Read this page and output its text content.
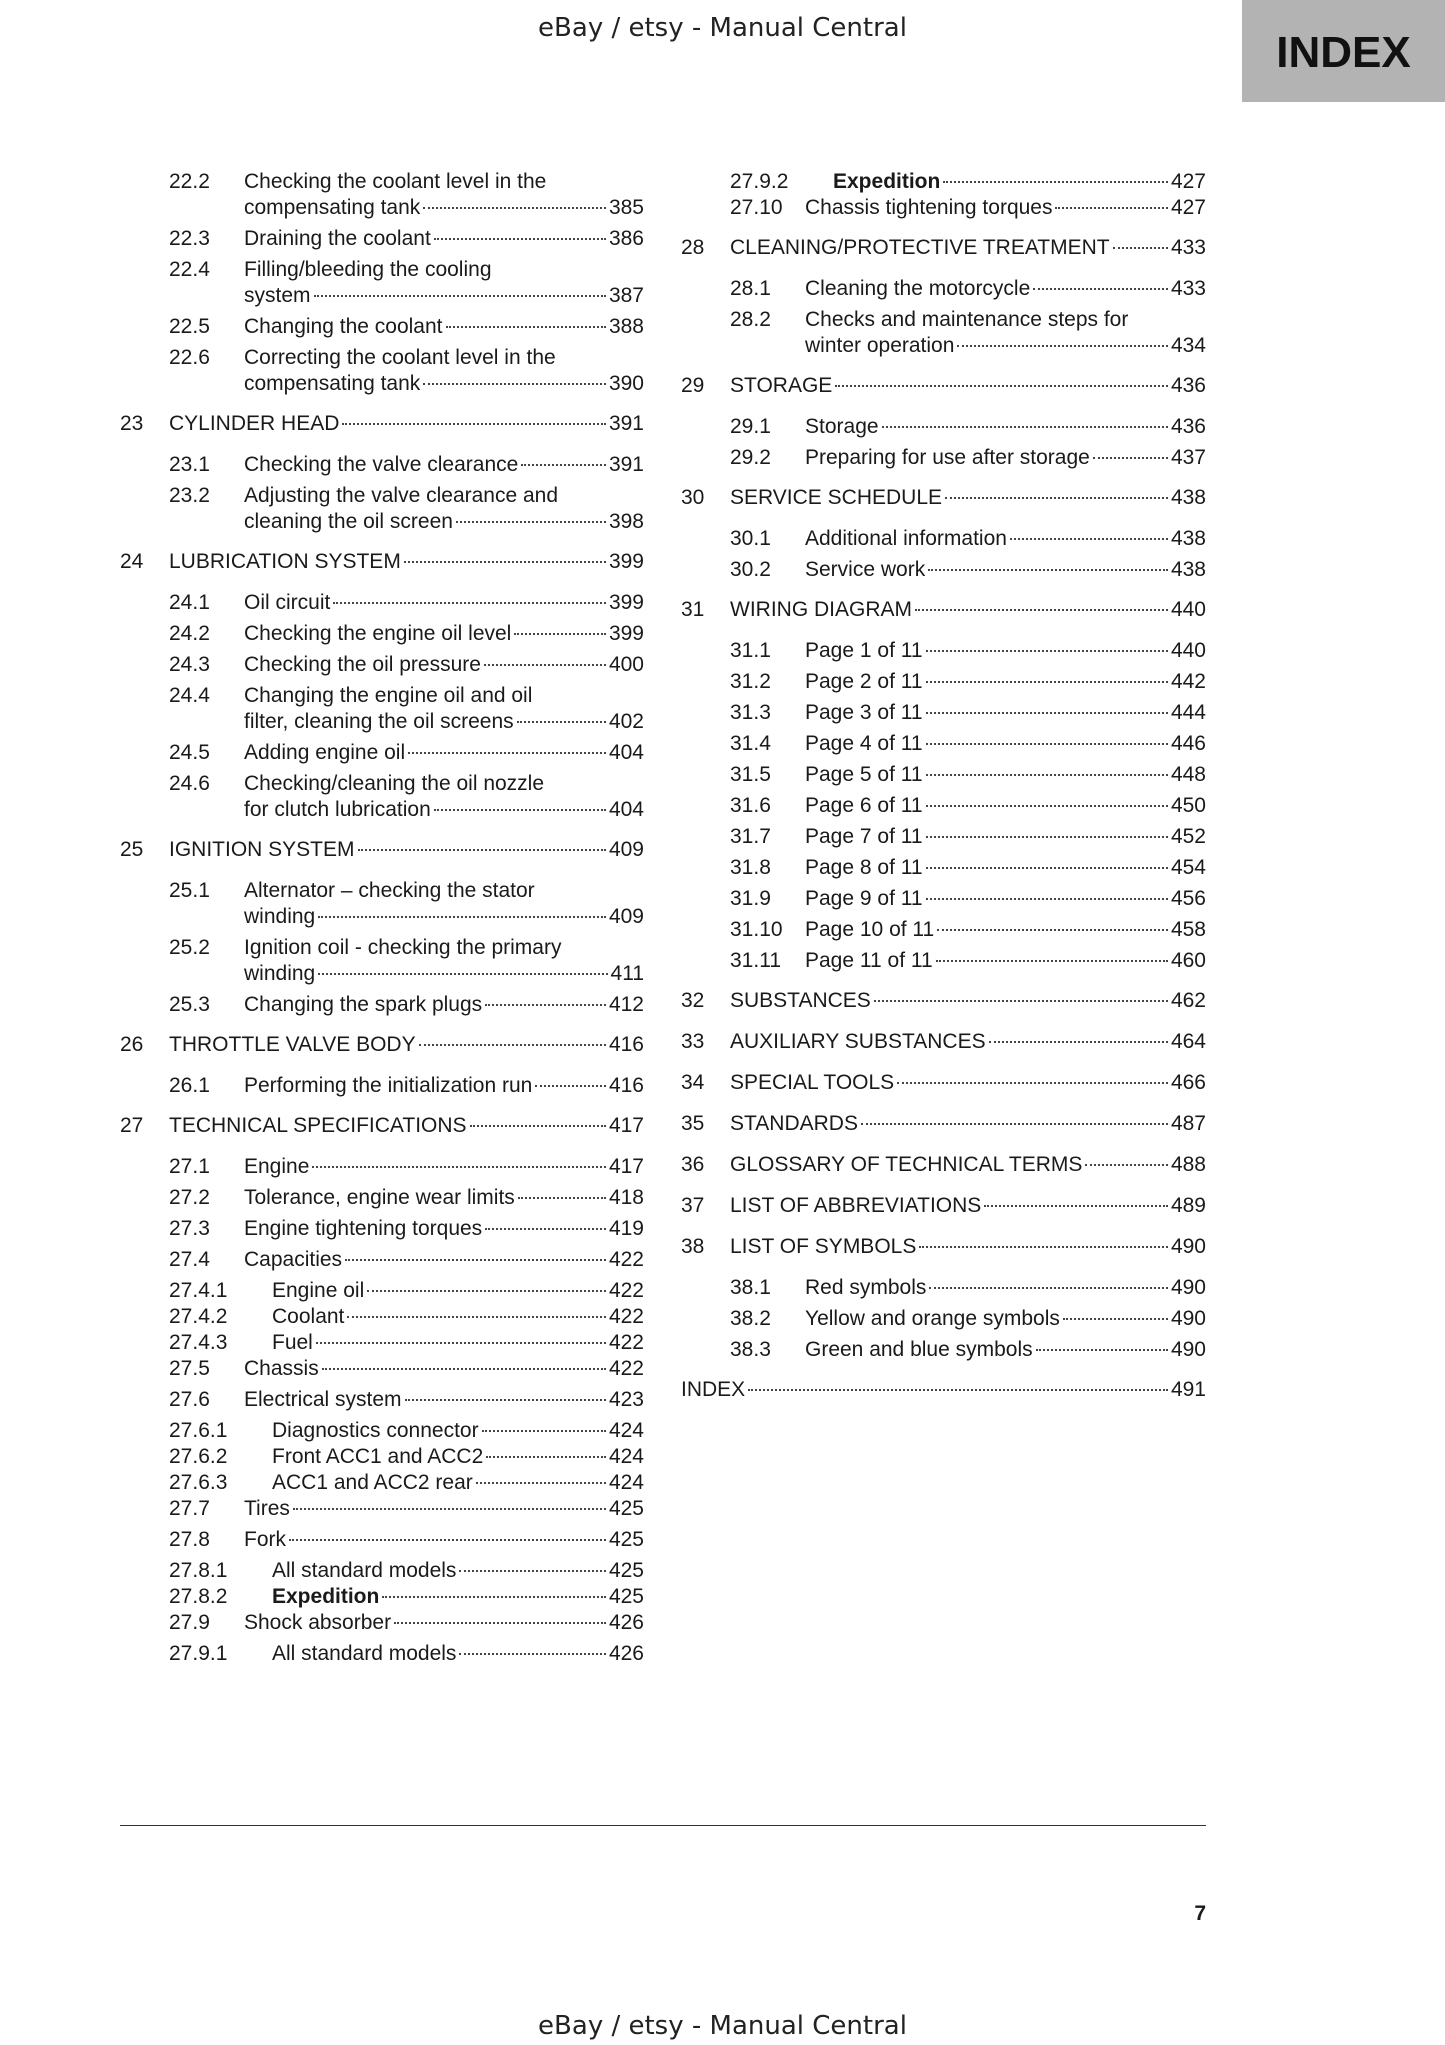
eBay / etsy - Manual Central	INDEX
22.2 Checking the coolant level in the
compensating tank	385
22.3 Draining the coolant	386
22.4 Filling/bleeding the cooling
system	387
22.5 Changing the coolant	388
22.6 Correcting the coolant level in the
compensating tank	390
23 CYLINDER HEAD	391
23.1 Checking the valve clearance	391
23.2 Adjusting the valve clearance and
cleaning the oil screen	398
24 LUBRICATION SYSTEM	399
24.1 Oil circuit	399
24.2 Checking the engine oil level	399
24.3 Checking the oil pressure	400
24.4 Changing the engine oil and oil
filter, cleaning the oil screens	402
24.5 Adding engine oil	404
24.6 Checking/cleaning the oil nozzle
for clutch lubrication	404
25 IGNITION SYSTEM	409
25.1 Alternator – checking the stator
winding	409
25.2 Ignition coil - checking the primary
winding	411
25.3 Changing the spark plugs	412
26 THROTTLE VALVE BODY	416
26.1 Performing the initialization run	416
27 TECHNICAL SPECIFICATIONS	417
27.1 Engine	417
27.2 Tolerance, engine wear limits	418
27.3 Engine tightening torques	419
27.4 Capacities	422
27.4.1 Engine oil	422
27.4.2 Coolant	422
27.4.3 Fuel	422
27.5 Chassis	422
27.6 Electrical system	423
27.6.1 Diagnostics connector	424
27.6.2 Front ACC1 and ACC2	424
27.6.3 ACC1 and ACC2 rear	424
27.7 Tires	425
27.8 Fork	425
27.8.1 All standard models	425
27.8.2 Expedition	425
27.9 Shock absorber	426
27.9.1 All standard models	426
27.9.2 Expedition	427
27.10 Chassis tightening torques	427
28 CLEANING/PROTECTIVE TREATMENT	433
28.1 Cleaning the motorcycle	433
28.2 Checks and maintenance steps for
winter operation	434
29 STORAGE	436
29.1 Storage	436
29.2 Preparing for use after storage	437
30 SERVICE SCHEDULE	438
30.1 Additional information	438
30.2 Service work	438
31 WIRING DIAGRAM	440
31.1 Page 1 of 11	440
31.2 Page 2 of 11	442
31.3 Page 3 of 11	444
31.4 Page 4 of 11	446
31.5 Page 5 of 11	448
31.6 Page 6 of 11	450
31.7 Page 7 of 11	452
31.8 Page 8 of 11	454
31.9 Page 9 of 11	456
31.10 Page 10 of 11	458
31.11 Page 11 of 11	460
32 SUBSTANCES	462
33 AUXILIARY SUBSTANCES	464
34 SPECIAL TOOLS	466
35 STANDARDS	487
36 GLOSSARY OF TECHNICAL TERMS	488
37 LIST OF ABBREVIATIONS	489
38 LIST OF SYMBOLS	490
38.1 Red symbols	490
38.2 Yellow and orange symbols	490
38.3 Green and blue symbols	490
INDEX	491
7
eBay / etsy - Manual Central
